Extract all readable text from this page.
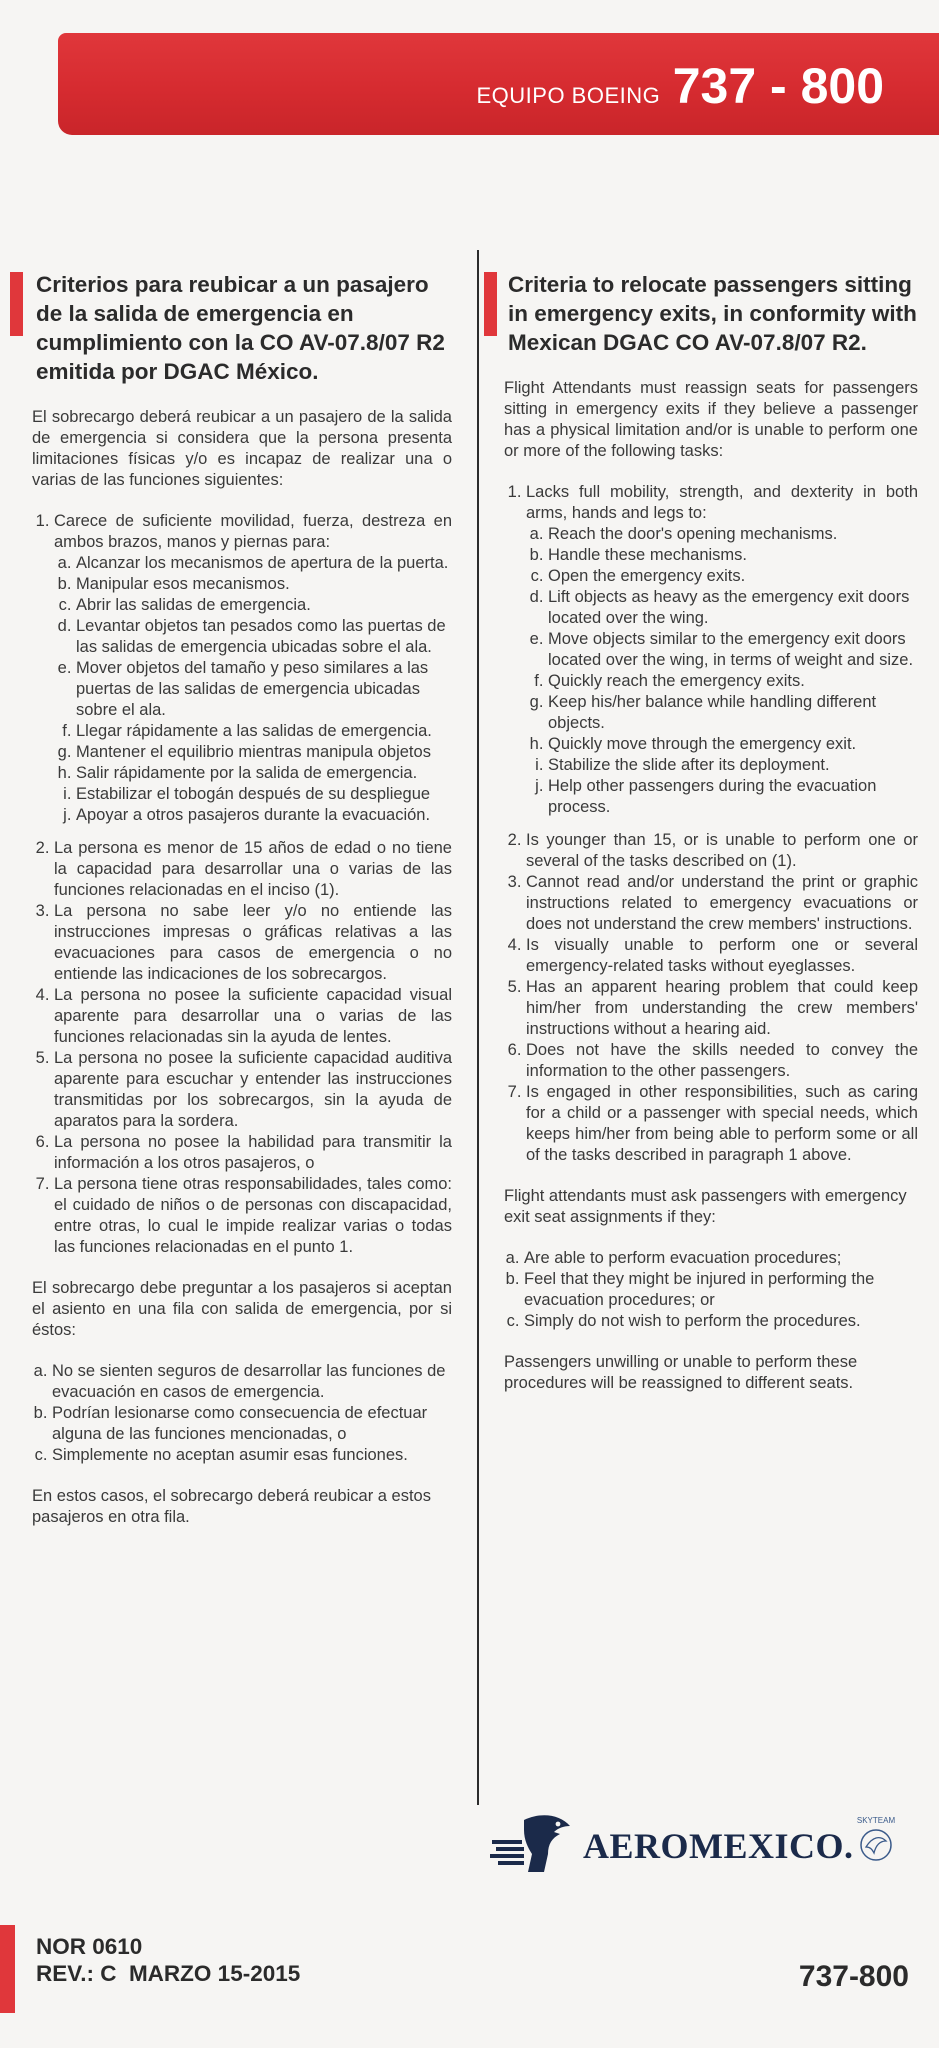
EQUIPO BOEING 737 - 800
Criterios para reubicar a un pasajero de la salida de emergencia en cumplimiento con la CO AV-07.8/07 R2 emitida por DGAC México.

El sobrecargo deberá reubicar a un pasajero de la salida de emergencia si considera que la persona presenta limitaciones físicas y/o es incapaz de realizar una o varias de las funciones siguientes:

1. Carece de suficiente movilidad, fuerza, destreza en ambos brazos, manos y piernas para:
a. Alcanzar los mecanismos de apertura de la puerta.
b. Manipular esos mecanismos.
c. Abrir las salidas de emergencia.
d. Levantar objetos tan pesados como las puertas de las salidas de emergencia ubicadas sobre el ala.
e. Mover objetos del tamaño y peso similares a las puertas de las salidas de emergencia ubicadas sobre el ala.
f. Llegar rápidamente a las salidas de emergencia.
g. Mantener el equilibrio mientras manipula objetos
h. Salir rápidamente por la salida de emergencia.
i. Estabilizar el tobogán después de su despliegue
j. Apoyar a otros pasajeros durante la evacuación.
2. La persona es menor de 15 años de edad o no tiene la capacidad para desarrollar una o varias de las funciones relacionadas en el inciso (1).
3. La persona no sabe leer y/o no entiende las instrucciones impresas o gráficas relativas a las evacuaciones para casos de emergencia o no entiende las indicaciones de los sobrecargos.
4. La persona no posee la suficiente capacidad visual aparente para desarrollar una o varias de las funciones relacionadas sin la ayuda de lentes.
5. La persona no posee la suficiente capacidad auditiva aparente para escuchar y entender las instrucciones transmitidas por los sobrecargos, sin la ayuda de aparatos para la sordera.
6. La persona no posee la habilidad para transmitir la información a los otros pasajeros, o
7. La persona tiene otras responsabilidades, tales como: el cuidado de niños o de personas con discapacidad, entre otras, lo cual le impide realizar varias o todas las funciones relacionadas en el punto 1.

El sobrecargo debe preguntar a los pasajeros si aceptan el asiento en una fila con salida de emergencia, por si éstos:

a. No se sienten seguros de desarrollar las funciones de evacuación en casos de emergencia.
b. Podrían lesionarse como consecuencia de efectuar alguna de las funciones mencionadas, o
c. Simplemente no aceptan asumir esas funciones.

En estos casos, el sobrecargo deberá reubicar a estos pasajeros en otra fila.

Criteria to relocate passengers sitting in emergency exits, in conformity with Mexican DGAC CO AV-07.8/07 R2.

Flight Attendants must reassign seats for passengers sitting in emergency exits if they believe a passenger has a physical limitation and/or is unable to perform one or more of the following tasks:

1. Lacks full mobility, strength, and dexterity in both arms, hands and legs to:
a. Reach the door's opening mechanisms.
b. Handle these mechanisms.
c. Open the emergency exits.
d. Lift objects as heavy as the emergency exit doors located over the wing.
e. Move objects similar to the emergency exit doors located over the wing, in terms of weight and size.
f. Quickly reach the emergency exits.
g. Keep his/her balance while handling different objects.
h. Quickly move through the emergency exit.
i. Stabilize the slide after its deployment.
j. Help other passengers during the evacuation process.
2. Is younger than 15, or is unable to perform one or several of the tasks described on (1).
3. Cannot read and/or understand the print or graphic instructions related to emergency evacuations or does not understand the crew members' instructions.
4. Is visually unable to perform one or several emergency-related tasks without eyeglasses.
5. Has an apparent hearing problem that could keep him/her from understanding the crew members' instructions without a hearing aid.
6. Does not have the skills needed to convey the information to the other passengers.
7. Is engaged in other responsibilities, such as caring for a child or a passenger with special needs, which keeps him/her from being able to perform some or all of the tasks described in paragraph 1 above.

Flight attendants must ask passengers with emergency exit seat assignments if they:

a. Are able to perform evacuation procedures;
b. Feel that they might be injured in performing the evacuation procedures; or
c. Simply do not wish to perform the procedures.

Passengers unwilling or unable to perform these procedures will be reassigned to different seats.

AEROMEXICO.
SKYTEAM
NOR 0610
REV.: C  MARZO 15-2015	737-800
